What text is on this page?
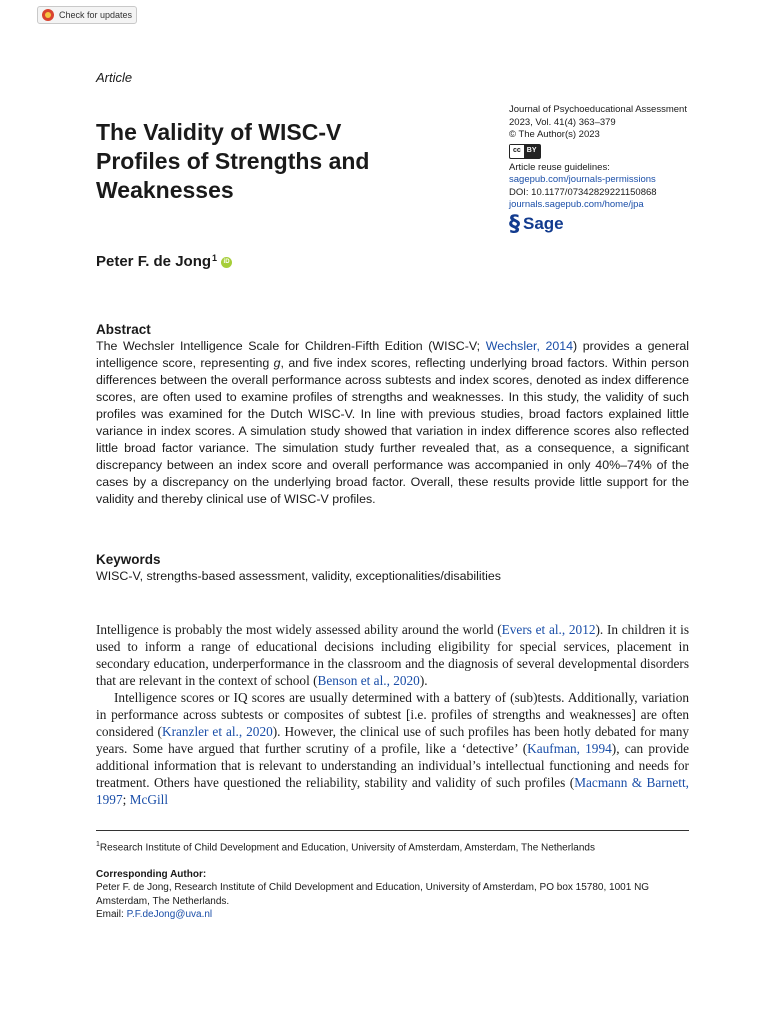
Check for updates
Article
The Validity of WISC-V
Profiles of Strengths and
Weaknesses
Journal of Psychoeducational Assessment
2023, Vol. 41(4) 363–379
© The Author(s) 2023
cc BY
Article reuse guidelines:
sagepub.com/journals-permissions
DOI: 10.1177/07342829221150868
journals.sagepub.com/home/jpa
§ Sage
Peter F. de Jong$^1$	iD
Abstract

The Wechsler Intelligence Scale for Children-Fifth Edition (WISC-V; Wechsler, 2014) provides a general intelligence score, representing g, and five index scores, reflecting underlying broad factors. Within person differences between the overall performance across subtests and index scores, denoted as index difference scores, are often used to examine profiles of strengths and weaknesses. In this study, the validity of such profiles was examined for the Dutch WISC-V. In line with previous studies, broad factors explained little variance in index scores. A simulation study showed that variation in index difference scores also reflected little broad factor variance. The simulation study further revealed that, as a consequence, a significant discrepancy between an index score and overall performance was accompanied in only 40%–74% of the cases by a discrepancy on the underlying broad factor. Overall, these results provide little support for the validity and thereby clinical use of WISC-V profiles.

Keywords

WISC-V, strengths-based assessment, validity, exceptionalities/disabilities

Intelligence is probably the most widely assessed ability around the world (Evers et al., 2012). In children it is used to inform a range of educational decisions including eligibility for special services, placement in secondary education, underperformance in the classroom and the diagnosis of several developmental disorders that are relevant in the context of school (Benson et al., 2020).

Intelligence scores or IQ scores are usually determined with a battery of (sub)tests. Additionally, variation in performance across subtests or composites of subtest [i.e. profiles of strengths and weaknesses] are often considered (Kranzler et al., 2020). However, the clinical use of such profiles has been hotly debated for many years. Some have argued that further scrutiny of a profile, like a ‘detective’ (Kaufman, 1994), can provide additional information that is relevant to understanding an individual’s intellectual functioning and needs for treatment. Others have questioned the reliability, stability and validity of such profiles (Macmann & Barnett, 1997; McGill

$^1$Research Institute of Child Development and Education, University of Amsterdam, Amsterdam, The Netherlands
Corresponding Author:
Peter F. de Jong, Research Institute of Child Development and Education, University of Amsterdam, PO box 15780, 1001 NG Amsterdam, The Netherlands.
Email: P.F.deJong@uva.nl
